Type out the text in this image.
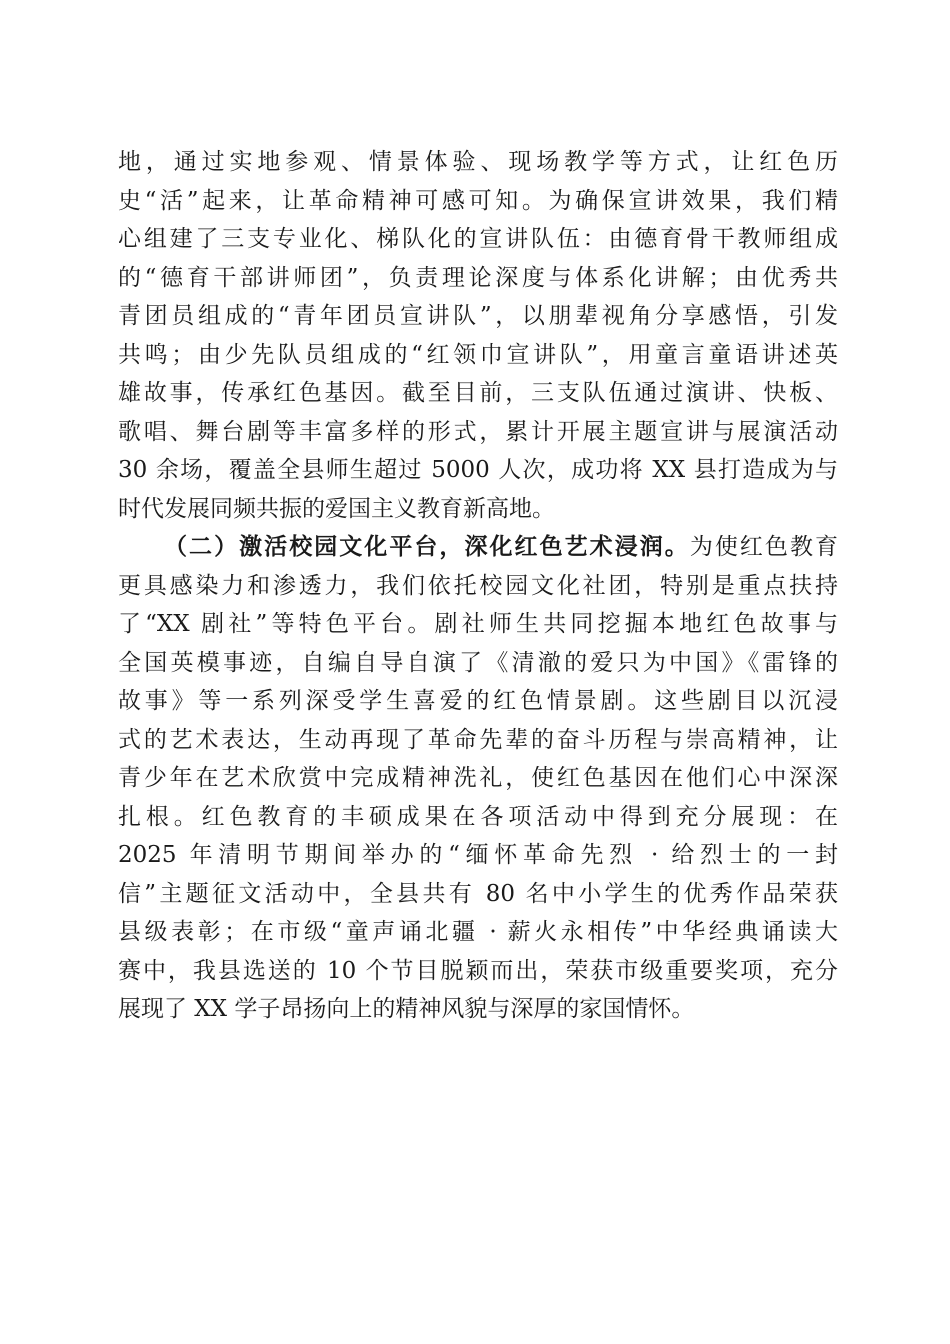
地，通过实地参观、情景体验、现场教学等方式，让红色历
史“活”起来，让革命精神可感可知。为确保宣讲效果，我们精
心组建了三支专业化、梯队化的宣讲队伍：由德育骨干教师组成
的“德育干部讲师团”，负责理论深度与体系化讲解；由优秀共
青团员组成的“青年团员宣讲队”，以朋辈视角分享感悟，引发
共鸣；由少先队员组成的“红领巾宣讲队”，用童言童语讲述英
雄故事，传承红色基因。截至目前，三支队伍通过演讲、快板、
歌唱、舞台剧等丰富多样的形式，累计开展主题宣讲与展演活动
30 余场，覆盖全县师生超过 5000 人次，成功将 XX 县打造成为与
时代发展同频共振的爱国主义教育新高地。
（二）激活校园文化平台，深化红色艺术浸润。为使红色教育
更具感染力和渗透力，我们依托校园文化社团，特别是重点扶持
了“XX 剧社”等特色平台。剧社师生共同挖掘本地红色故事与
全国英模事迹，自编自导自演了《清澈的爱只为中国》《雷锋的
故事》等一系列深受学生喜爱的红色情景剧。这些剧目以沉浸
式的艺术表达，生动再现了革命先辈的奋斗历程与崇高精神，让
青少年在艺术欣赏中完成精神洗礼，使红色基因在他们心中深深
扎根。红色教育的丰硕成果在各项活动中得到充分展现：在
2025 年清明节期间举办的“缅怀革命先烈 · 给烈士的一封
信”主题征文活动中，全县共有 80 名中小学生的优秀作品荣获
县级表彰；在市级“童声诵北疆 · 薪火永相传”中华经典诵读大
赛中，我县选送的 10 个节目脱颖而出，荣获市级重要奖项，充分
展现了 XX 学子昂扬向上的精神风貌与深厚的家国情怀。
